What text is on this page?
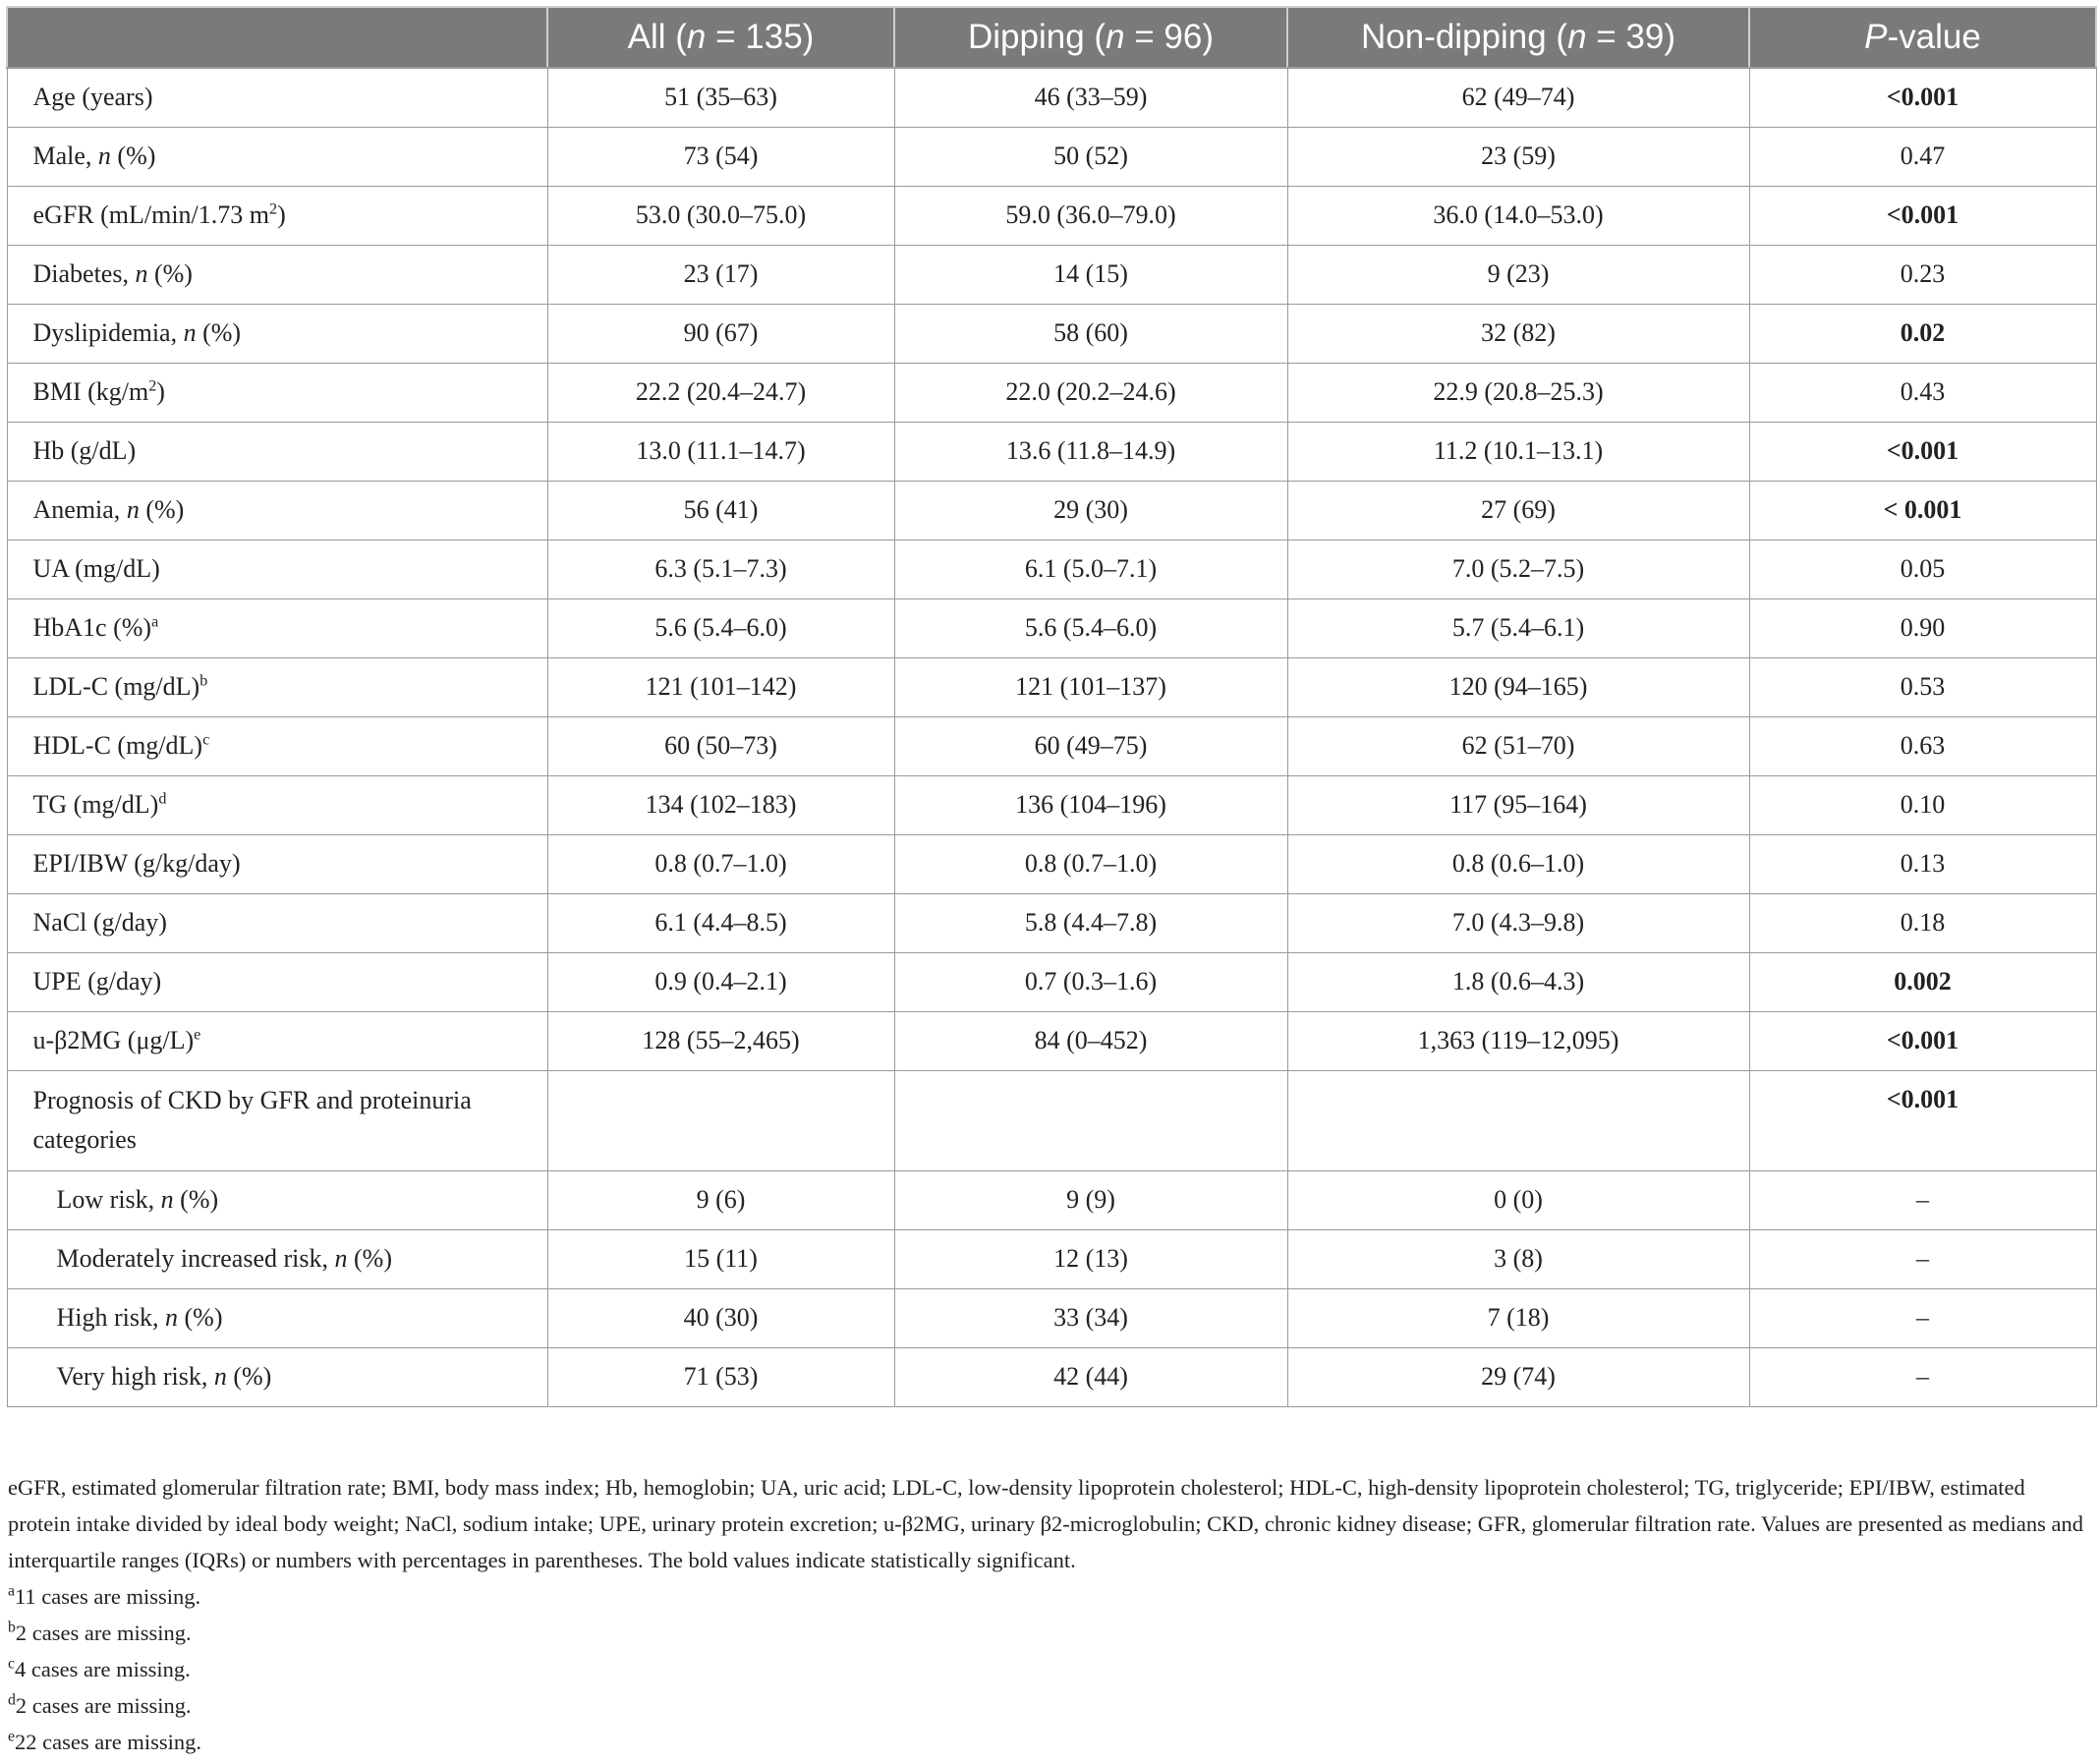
	All (n = 135)	Dipping (n = 96)	Non-dipping (n = 39)	P-value
Age (years)	51 (35–63)	46 (33–59)	62 (49–74)	<0.001
Male, n (%)	73 (54)	50 (52)	23 (59)	0.47
eGFR (mL/min/1.73 $m^2$)	53.0 (30.0–75.0)	59.0 (36.0–79.0)	36.0 (14.0–53.0)	<0.001
Diabetes, n (%)	23 (17)	14 (15)	9 (23)	0.23
Dyslipidemia, n (%)	90 (67)	58 (60)	32 (82)	0.02
BMI $(kg/m^2)$	22.2 (20.4–24.7)	22.0 (20.2–24.6)	22.9 (20.8–25.3)	0.43
Hb (g/dL)	13.0 (11.1–14.7)	13.6 (11.8–14.9)	11.2 (10.1–13.1)	<0.001
Anemia, n (%)	56 (41)	29 (30)	27 (69)	< 0.001
UA (mg/dL)	6.3 (5.1–7.3)	6.1 (5.0–7.1)	7.0 (5.2–7.5)	0.05
HbA1c (%)$^a$	5.6 (5.4–6.0)	5.6 (5.4–6.0)	5.7 (5.4–6.1)	0.90
LDL-C $(mg/dL)^b$	121 (101–142)	121 (101–137)	120 (94–165)	0.53
HDL-C $(mg/dL)^c$	60 (50–73)	60 (49–75)	62 (51–70)	0.63
TG $(mg/dL)^d$	134 (102–183)	136 (104–196)	117 (95–164)	0.10
EPI/IBW (g/kg/day)	0.8 (0.7–1.0)	0.8 (0.7–1.0)	0.8 (0.6–1.0)	0.13
NaCl (g/day)	6.1 (4.4–8.5)	5.8 (4.4–7.8)	7.0 (4.3–9.8)	0.18
UPE (g/day)	0.9 (0.4–2.1)	0.7 (0.3–1.6)	1.8 (0.6–4.3)	0.002
u-β2MG $(\mu g/L)^e$	128 (55–2,465)	84 (0–452)	1,363 (119–12,095)	<0.001
Prognosis of CKD by GFR and proteinuria categories				<0.001
Low risk, n (%)	9 (6)	9 (9)	0 (0)	–
Moderately increased risk, n (%)	15 (11)	12 (13)	3 (8)	–
High risk, n (%)	40 (30)	33 (34)	7 (18)	–
Very high risk, n (%)	71 (53)	42 (44)	29 (74)	–

eGFR, estimated glomerular filtration rate; BMI, body mass index; Hb, hemoglobin; UA, uric acid; LDL-C, low-density lipoprotein cholesterol; HDL-C, high-density lipoprotein cholesterol; TG, triglyceride; EPI/IBW, estimated protein intake divided by ideal body weight; NaCl, sodium intake; UPE, urinary protein excretion; u-β2MG, urinary β2-microglobulin; CKD, chronic kidney disease; GFR, glomerular filtration rate. Values are presented as medians and interquartile ranges (IQRs) or numbers with percentages in parentheses. The bold values indicate statistically significant.

$^a$11 cases are missing.

$^b$2 cases are missing.

$^c$4 cases are missing.

$^d$2 cases are missing.

$^e$22 cases are missing.
